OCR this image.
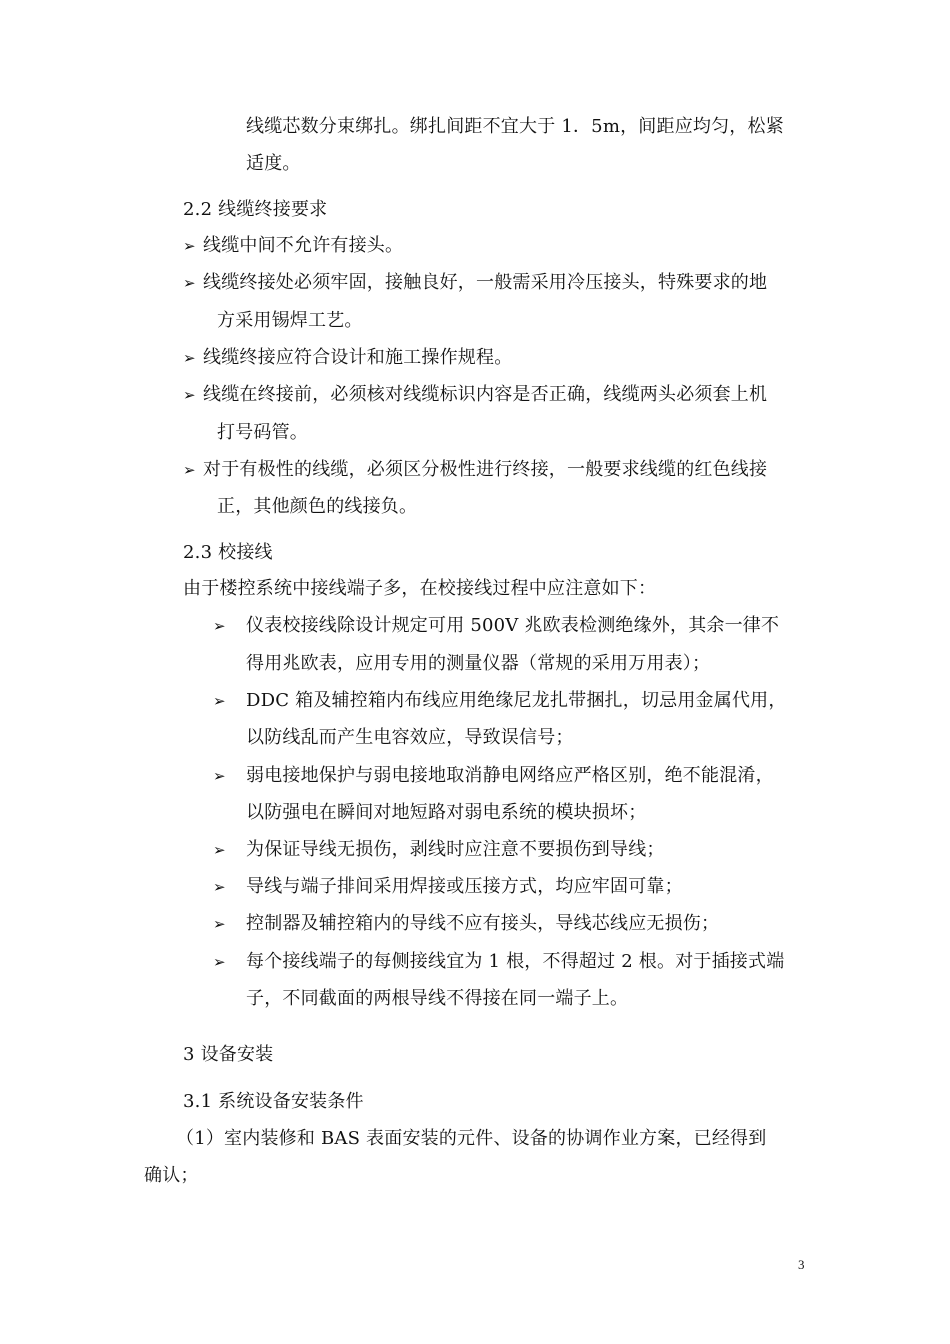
线缆芯数分束绑扎。绑扎间距不宜大于 1．5m，间距应均匀，松紧
适度。
2.2 线缆终接要求
➢ 线缆中间不允许有接头。
➢ 线缆终接处必须牢固，接触良好，一般需采用冷压接头，特殊要求的地
方采用锡焊工艺。
➢ 线缆终接应符合设计和施工操作规程。
➢ 线缆在终接前，必须核对线缆标识内容是否正确，线缆两头必须套上机
打号码管。
➢ 对于有极性的线缆，必须区分极性进行终接，一般要求线缆的红色线接
正，其他颜色的线接负。
2.3 校接线
由于楼控系统中接线端子多，在校接线过程中应注意如下：
➢ 仪表校接线除设计规定可用 500V 兆欧表检测绝缘外，其余一律不
得用兆欧表，应用专用的测量仪器（常规的采用万用表）；
➢ DDC 箱及辅控箱内布线应用绝缘尼龙扎带捆扎，切忌用金属代用，
以防线乱而产生电容效应，导致误信号；
➢ 弱电接地保护与弱电接地取消静电网络应严格区别，绝不能混淆，
以防强电在瞬间对地短路对弱电系统的模块损坏；
➢ 为保证导线无损伤，剥线时应注意不要损伤到导线；
➢ 导线与端子排间采用焊接或压接方式，均应牢固可靠；
➢ 控制器及辅控箱内的导线不应有接头，导线芯线应无损伤；
➢ 每个接线端子的每侧接线宜为 1 根，不得超过 2 根。对于插接式端
子，不同截面的两根导线不得接在同一端子上。
3 设备安装
3.1 系统设备安装条件
（1）室内装修和 BAS 表面安装的元件、设备的协调作业方案，已经得到
确认；
3
